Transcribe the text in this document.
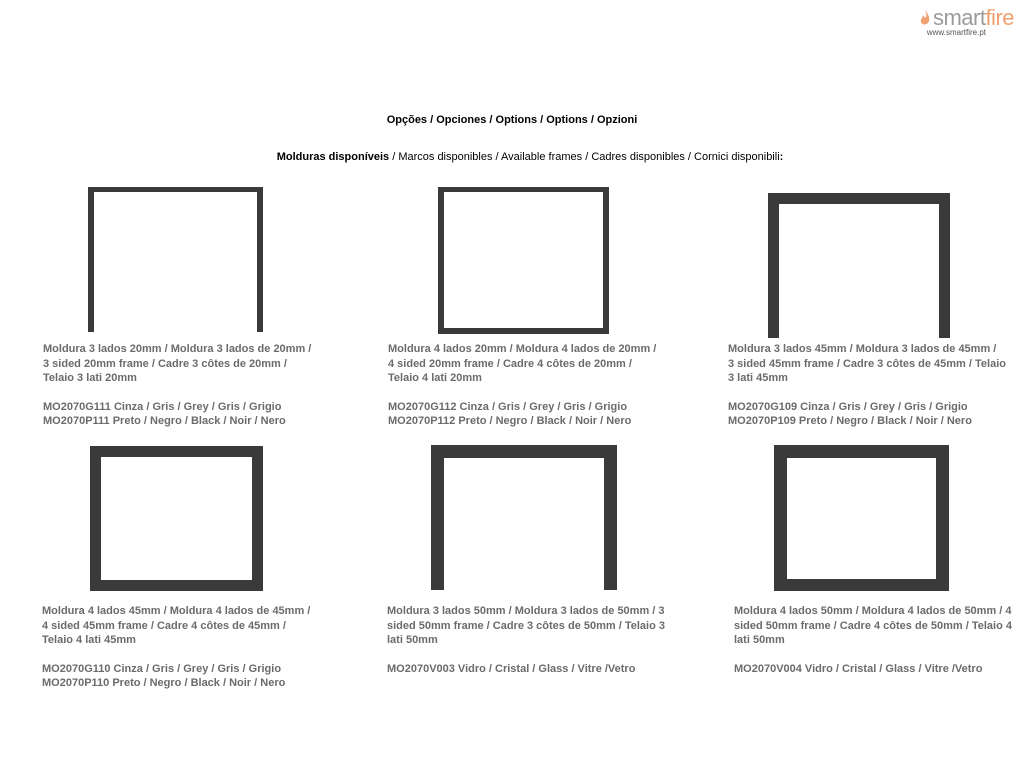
smartfire
www.smartfire.pt
Opções / Opciones / Options / Options / Opzioni
Molduras disponíveis / Marcos disponibles / Available frames / Cadres disponibles / Cornici disponibili:

Moldura 3 lados 20mm / Moldura 3 lados de 20mm /

3 sided 20mm frame / Cadre 3 côtes de 20mm /

Telaio 3 lati 20mm

MO2070G111 Cinza / Gris / Grey / Gris / Grigio

MO2070P111 Preto / Negro / Black / Noir / Nero

Moldura 4 lados 20mm / Moldura 4 lados de 20mm /

4 sided 20mm frame / Cadre 4 côtes de 20mm /

Telaio 4 lati 20mm

MO2070G112 Cinza / Gris / Grey / Gris / Grigio

MO2070P112 Preto / Negro / Black / Noir / Nero

Moldura 3 lados 45mm / Moldura 3 lados de 45mm /

3 sided 45mm frame / Cadre 3 côtes de 45mm / Telaio

3 lati 45mm

MO2070G109 Cinza / Gris / Grey / Gris / Grigio

MO2070P109 Preto / Negro / Black / Noir / Nero

Moldura 4 lados 45mm / Moldura 4 lados de 45mm /

4 sided 45mm frame / Cadre 4 côtes de 45mm /

Telaio 4 lati 45mm

MO2070G110 Cinza / Gris / Grey / Gris / Grigio

MO2070P110 Preto / Negro / Black / Noir / Nero

Moldura 3 lados 50mm / Moldura 3 lados de 50mm / 3

sided 50mm frame / Cadre 3 côtes de 50mm / Telaio 3

lati 50mm

MO2070V003 Vidro / Cristal / Glass / Vitre /Vetro

Moldura 4 lados 50mm / Moldura 4 lados de 50mm / 4

sided 50mm frame / Cadre 4 côtes de 50mm / Telaio 4

lati 50mm

MO2070V004 Vidro / Cristal / Glass / Vitre /Vetro
